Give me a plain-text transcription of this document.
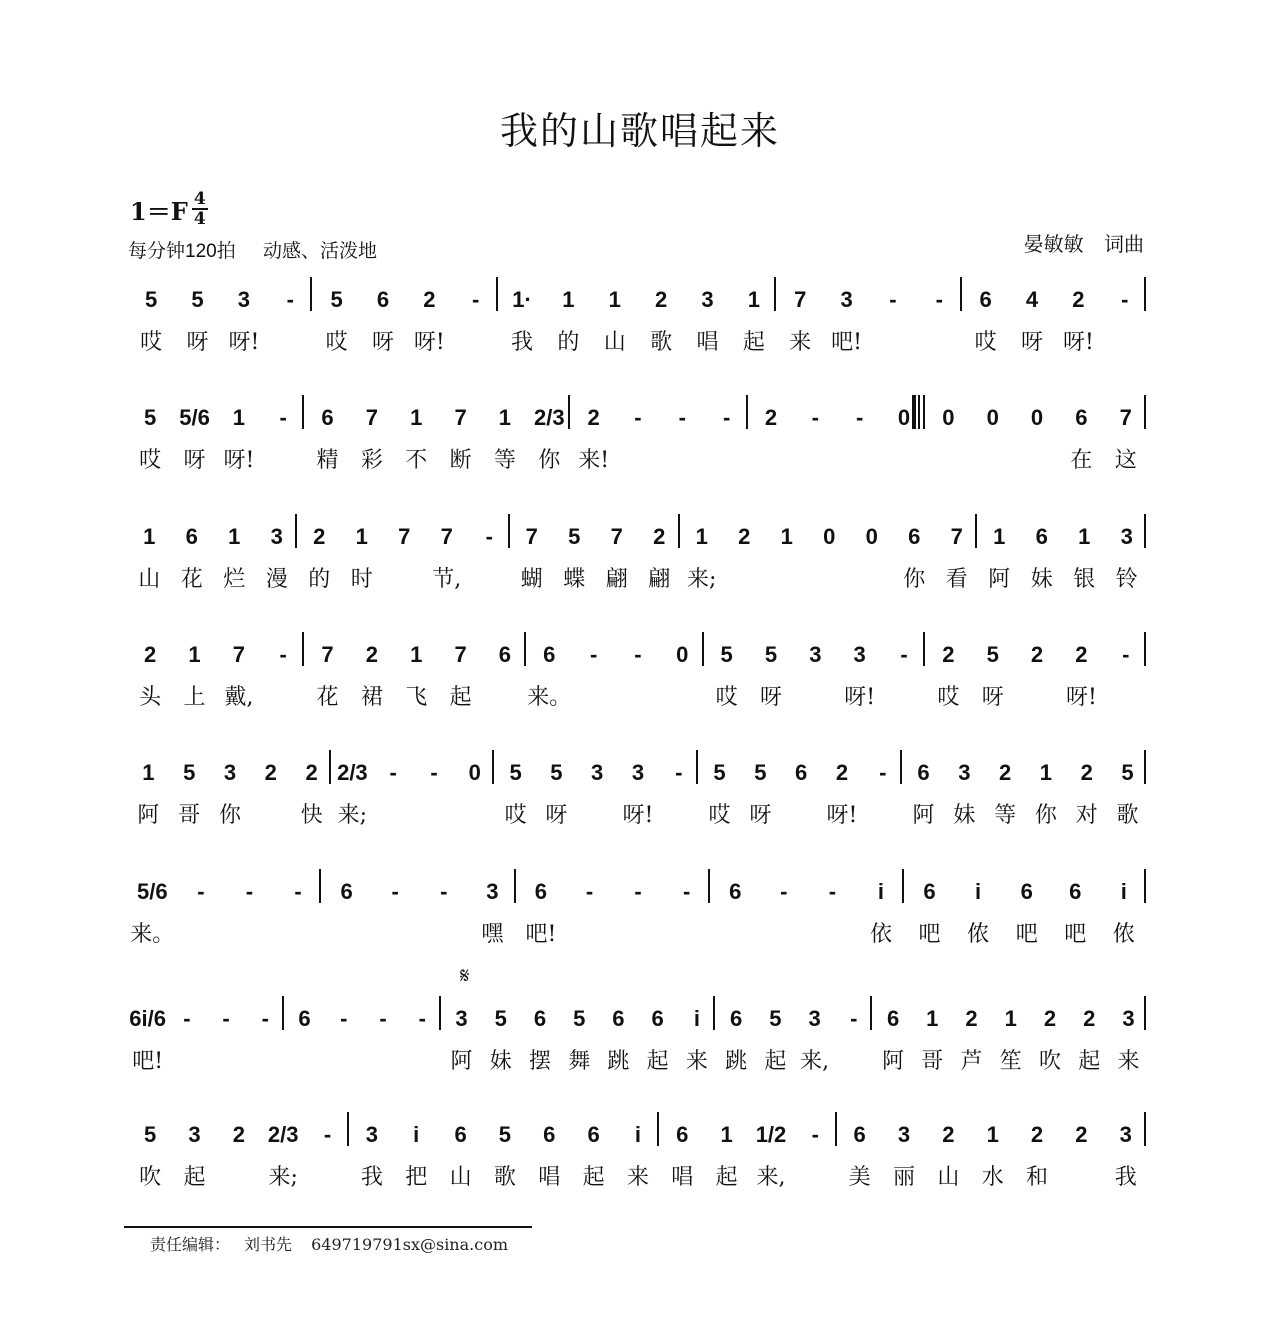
我的山歌唱起来
$1=F \frac{4}{4}$
每分钟120拍 动感、活泼地	晏敏敏 词曲
5	5	3	-	5	6	2	-	1·	1	1	2	3	1	7	3	-	-	6	4	2	-
哎	呀 呀!	哎	呀 呀!	我	的	山	歌	唱	起	来 吧!	哎	呀 呀!
5	5/6	1	-	6	7	1	7	1	2/3	2	-	-	-	2	-	-	0	0	0	0	6	7
哎	呀 呀!	精	彩	不	断	等	你 来!	在	这
1	6	1	3	2	1	7	7	-	7	5	7	2	1	2	1	0	0	6	7	1	6	1	3
山 花 烂 漫 的 时	节,	蝴 蝶 翩 翩 来;	你 看 阿 妹 银 铃
2	1	7	-	7	2	1	7	6	6	-	-	0	5	5	3	3	-	2	5	2	2	-
头	上 戴,	花	裙	飞	起	来。	哎	呀	呀!	哎	呀	呀!
1	5	3	2	2 2/3 -	-	0	5	5	3	3	-	5	5	6	2	-	6	3	2	1	2	5
阿 哥 你	快 来;	哎 呀	呀!	哎 呀	呀!	阿 妹 等 你 对 歌
5/6	-	-	-	6	-	-	3	6	-	-	-	6	-	-	i	6	i	6	6	i
来。	嘿	吧!	依	吧	侬	吧	吧	侬
6i/6 -	-	-	6	-	-	-	3	5	6	5	6	6	i	6	5	3	-	6	1	2	1	2	2	3
吧!	阿 妹 摆 舞 跳 起 来 跳 起 来,	阿 哥 芦 笙 吹 起 来
𝄋
5	3	2	2/3	-	3	i	6	5	6	6	i	6	1	1/2	-	6	3	2	1	2	2	3
吹	起	来;	我	把	山	歌	唱	起	来	唱	起 来,	美	丽	山	水	和	我
责任编辑： 刘书先 649719791sx@sina.com
